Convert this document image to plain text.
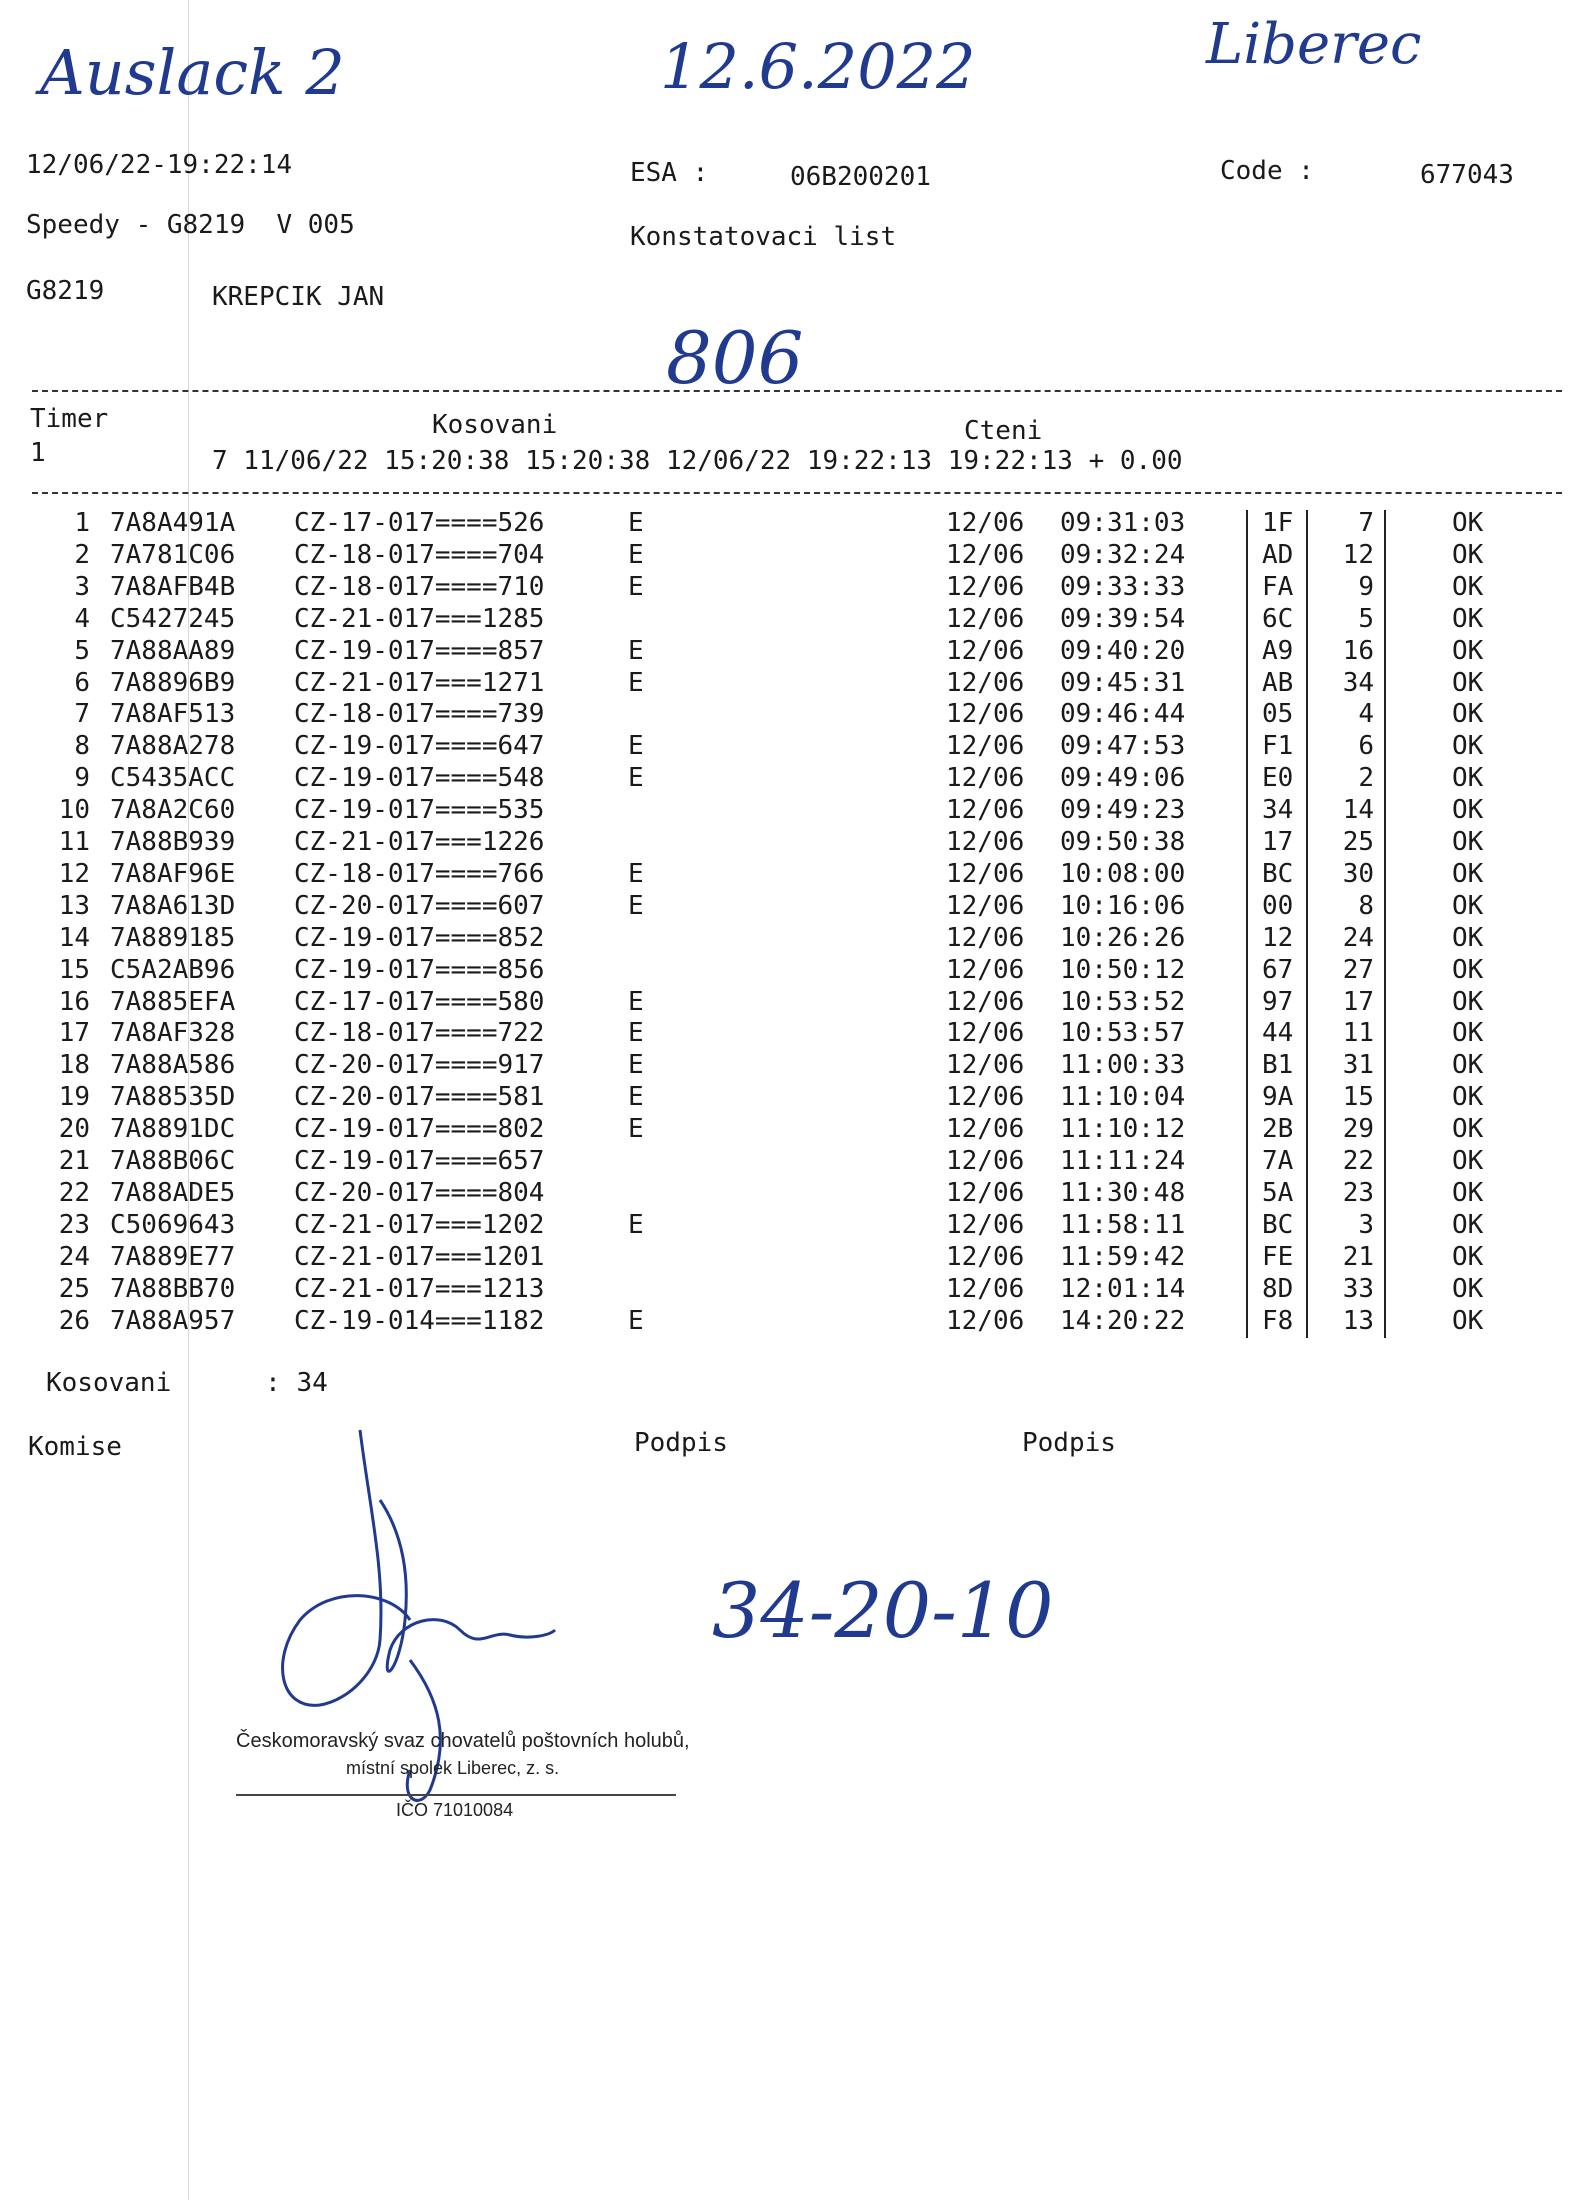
Auslack 2	12.6.2022	Liberec
12/06/22-19:22:14	ESA :	06B200201	Code :	677043
Speedy - G8219  V 005	Konstatovaci list
G8219	KREPCIK JAN
806
Timer	Kosovani	Cteni
1	7 11/06/22 15:20:38 15:20:38 12/06/22 19:22:13 19:22:13 + 0.00
1 7A8A491A CZ-17-017====526	E	12/06 09:31:03	1F	7	OK
2 7A781C06 CZ-18-017====704	E	12/06 09:32:24	AD	12	OK
3 7A8AFB4B CZ-18-017====710	E	12/06 09:33:33	FA	9	OK
4 C5427245 CZ-21-017===1285	12/06 09:39:54	6C	5	OK
5 7A88AA89 CZ-19-017====857	E	12/06 09:40:20	A9	16	OK
6 7A8896B9 CZ-21-017===1271	E	12/06 09:45:31	AB	34	OK
7 7A8AF513 CZ-18-017====739	12/06 09:46:44	05	4	OK
8 7A88A278 CZ-19-017====647	E	12/06 09:47:53	F1	6	OK
9 C5435ACC CZ-19-017====548	E	12/06 09:49:06	E0	2	OK
10 7A8A2C60 CZ-19-017====535	12/06 09:49:23	34	14	OK
11 7A88B939 CZ-21-017===1226	12/06 09:50:38	17	25	OK
12 7A8AF96E CZ-18-017====766	E	12/06 10:08:00	BC	30	OK
13 7A8A613D CZ-20-017====607	E	12/06 10:16:06	00	8	OK
14 7A889185 CZ-19-017====852	12/06 10:26:26	12	24	OK
15 C5A2AB96 CZ-19-017====856	12/06 10:50:12	67	27	OK
16 7A885EFA CZ-17-017====580	E	12/06 10:53:52	97	17	OK
17 7A8AF328 CZ-18-017====722	E	12/06 10:53:57	44	11	OK
18 7A88A586 CZ-20-017====917	E	12/06 11:00:33	B1	31	OK
19 7A88535D CZ-20-017====581	E	12/06 11:10:04	9A	15	OK
20 7A8891DC CZ-19-017====802	E	12/06 11:10:12	2B	29	OK
21 7A88B06C CZ-19-017====657	12/06 11:11:24	7A	22	OK
22 7A88ADE5 CZ-20-017====804	12/06 11:30:48	5A	23	OK
23 C5069643 CZ-21-017===1202	E	12/06 11:58:11	BC	3	OK
24 7A889E77 CZ-21-017===1201	12/06 11:59:42	FE	21	OK
25 7A88BB70 CZ-21-017===1213	12/06 12:01:14	8D	33	OK
26 7A88A957 CZ-19-014===1182	E	12/06 14:20:22	F8	13	OK
Kosovani      : 34
Komise	Podpis	Podpis
34-20-10
Českomoravský svaz chovatelů poštovních holubů,
místní spolek Liberec, z. s.
IČO 71010084
